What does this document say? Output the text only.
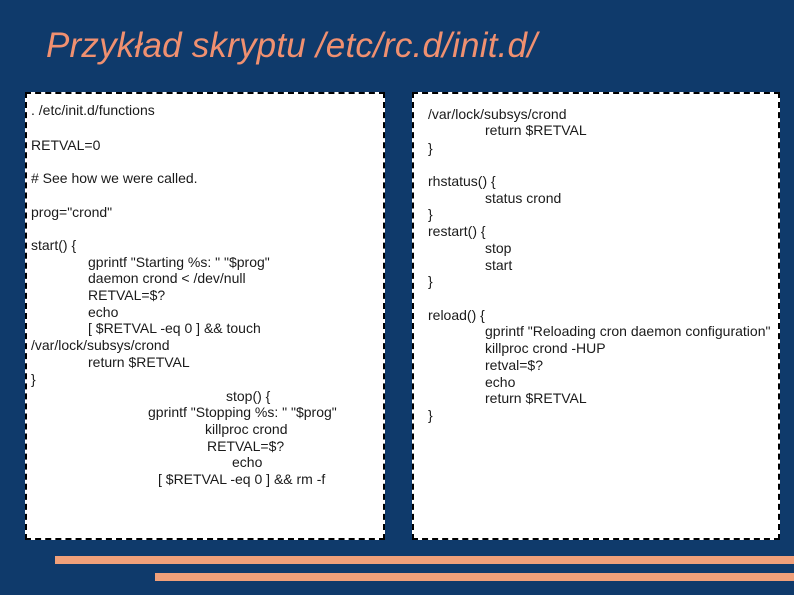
Przykład skryptu /etc/rc.d/init.d/
. /etc/init.d/functions
RETVAL=0
# See how we were called.
prog="crond"
start() {
gprintf "Starting %s: " "$prog"
daemon crond < /dev/null
RETVAL=$?
echo
[ $RETVAL -eq 0 ] && touch
/var/lock/subsys/crond
return $RETVAL
}
stop() {
gprintf "Stopping %s: " "$prog"
killproc crond
RETVAL=$?
echo
[ $RETVAL -eq 0 ] && rm -f
/var/lock/subsys/crond
return $RETVAL
}
rhstatus() {
status crond
}
restart() {
stop
start
}
reload() {
gprintf "Reloading cron daemon configuration"
killproc crond -HUP
retval=$?
echo
return $RETVAL
}
